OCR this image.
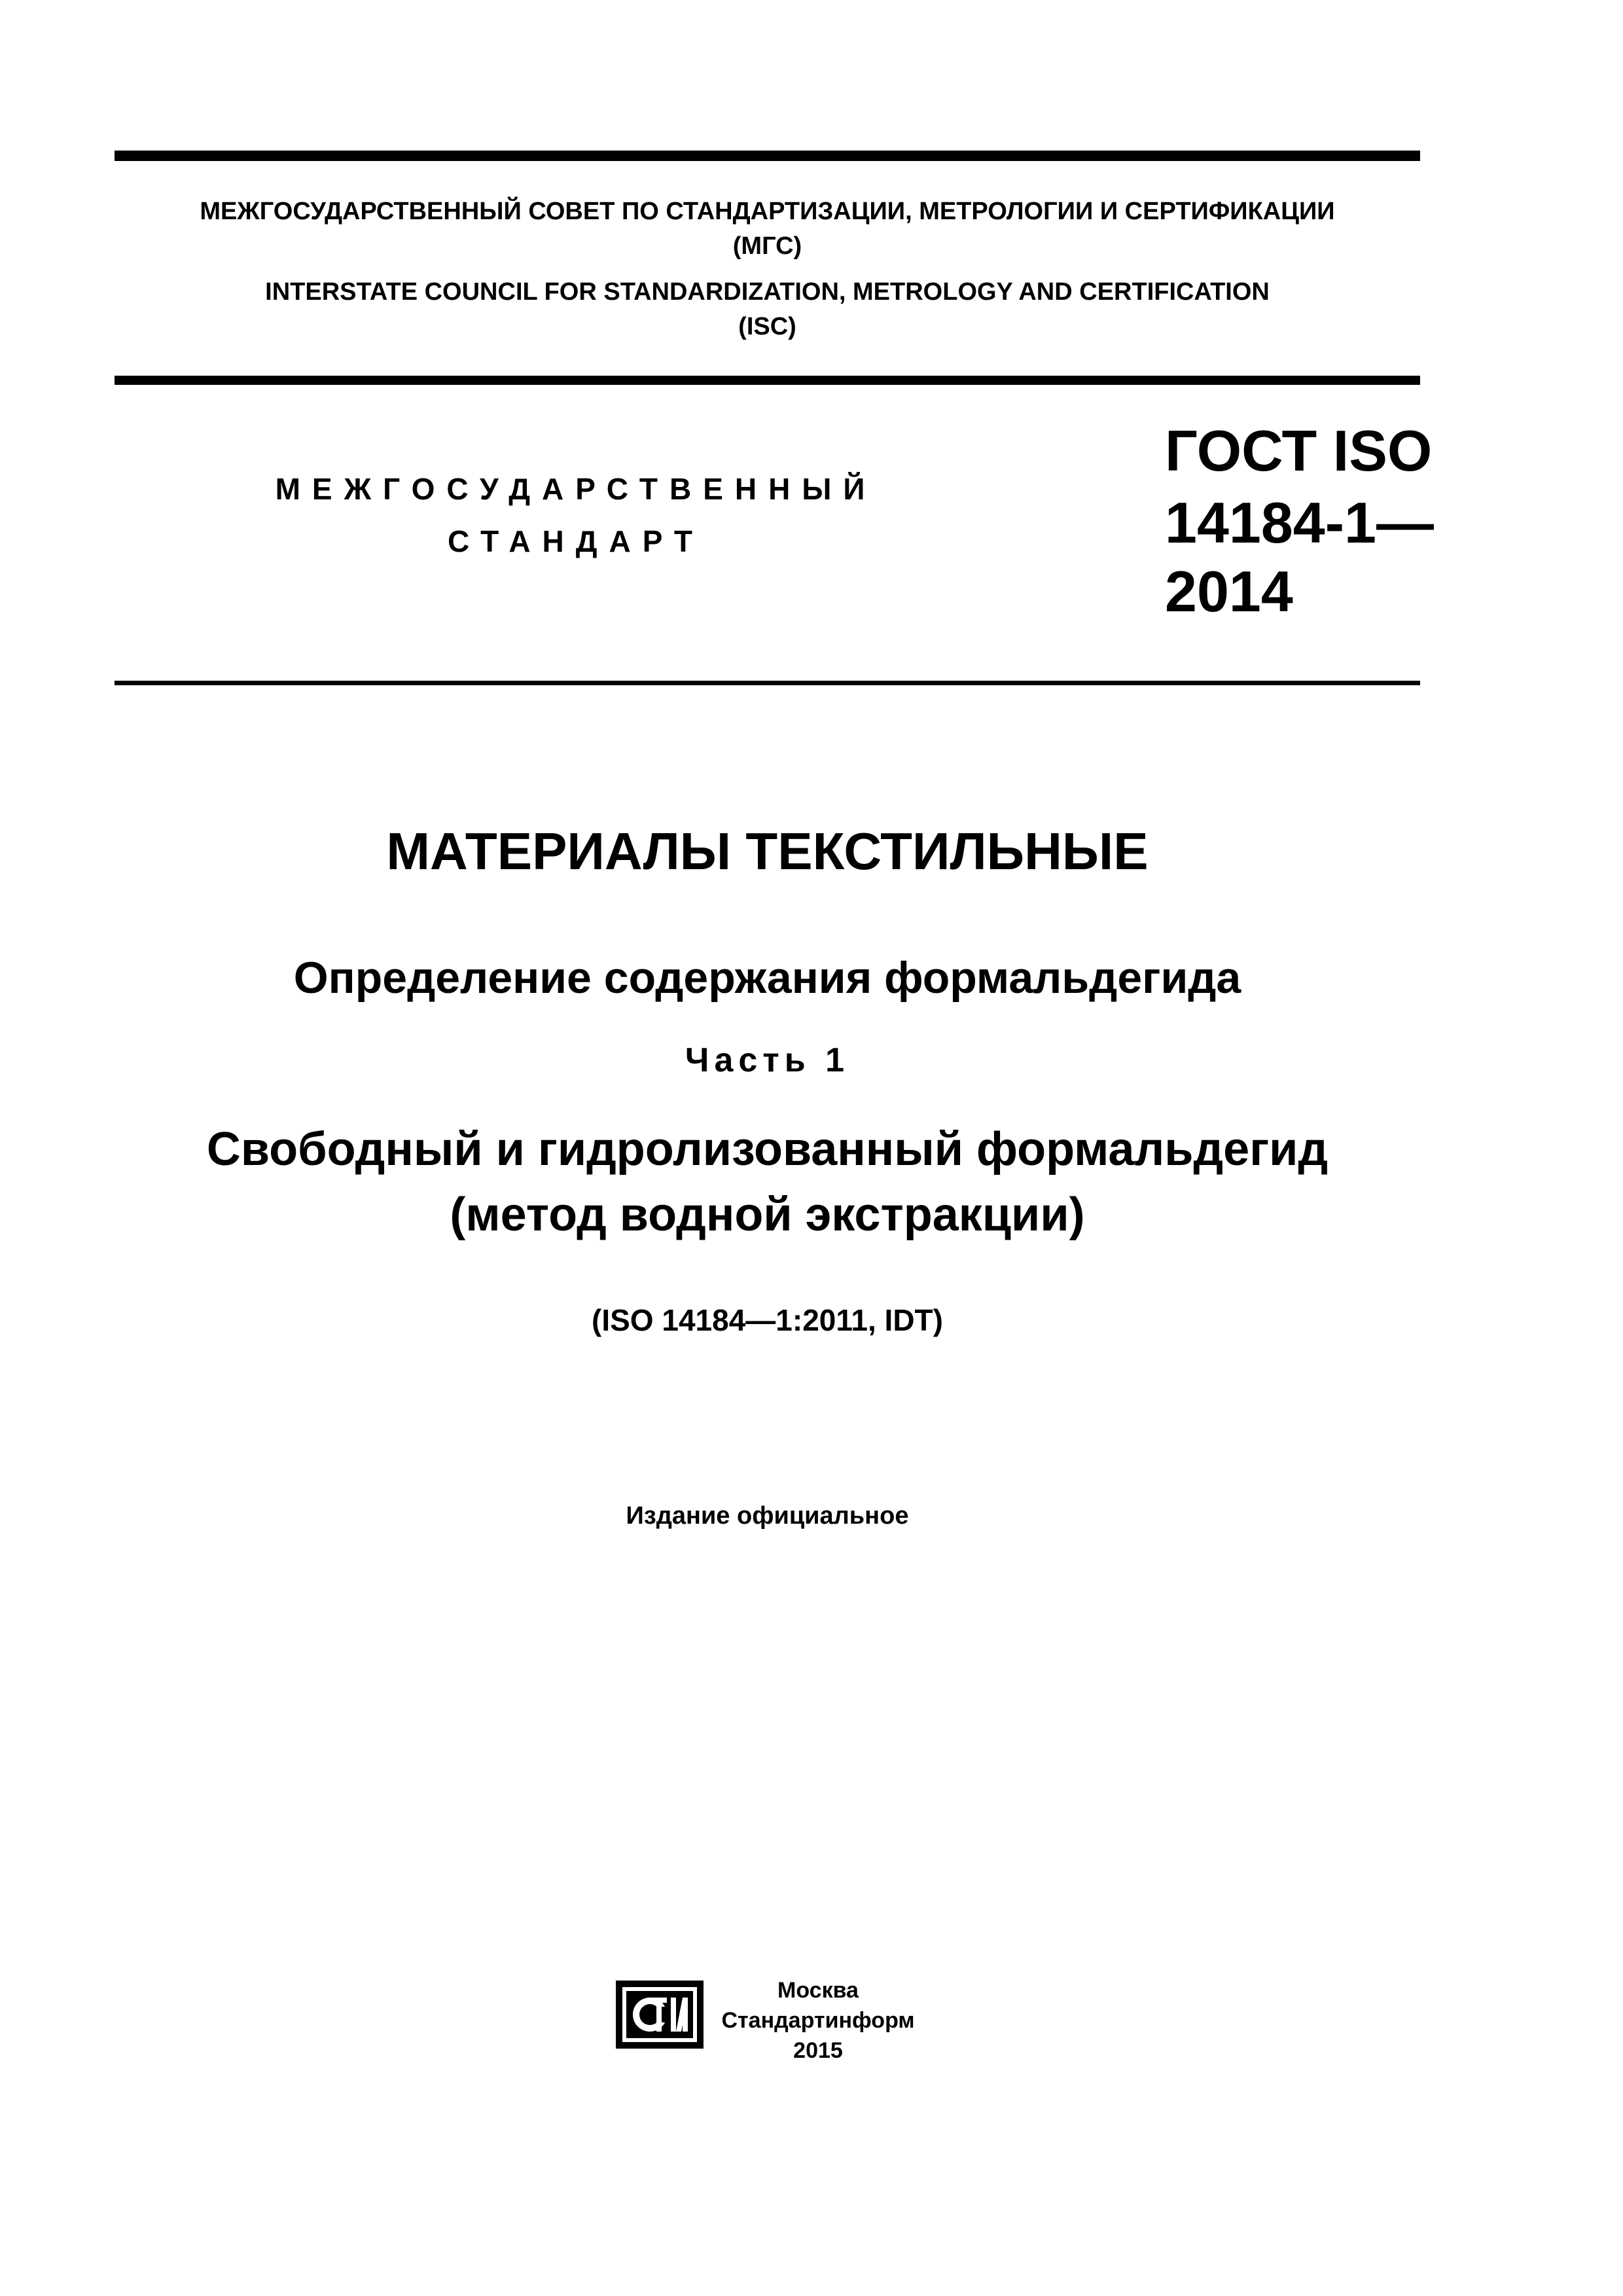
МЕЖГОСУДАРСТВЕННЫЙ СОВЕТ ПО СТАНДАРТИЗАЦИИ, МЕТРОЛОГИИ И СЕРТИФИКАЦИИ
(МГС)
INTERSTATE COUNCIL FOR STANDARDIZATION, METROLOGY AND CERTIFICATION
(ISC)
МЕЖГОСУДАРСТВЕННЫЙ
СТАНДАРТ
ГОСТ ISO
14184-1—
2014
МАТЕРИАЛЫ ТЕКСТИЛЬНЫЕ
Определение содержания формальдегида
Часть 1
Свободный и гидролизованный формальдегид
(метод водной экстракции)
(ISO 14184—1:2011, IDT)
Издание официальное
Москва
Стандартинформ
2015
